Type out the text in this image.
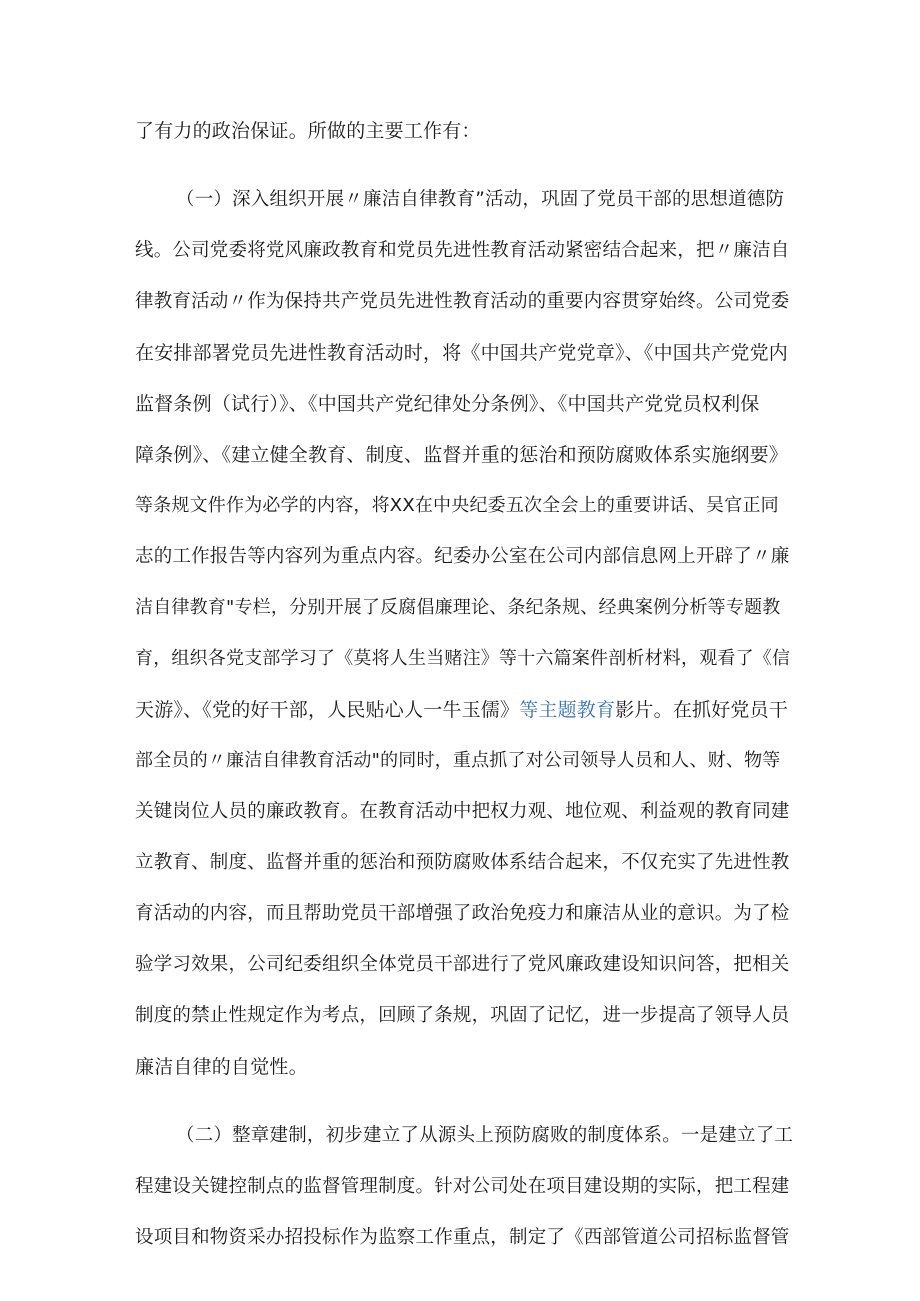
了有力的政治保证。所做的主要工作有：
（一）深入组织开展〃廉洁自律教育”活动，巩固了党员干部的思想道德防
线。公司党委将党风廉政教育和党员先进性教育活动紧密结合起来，把〃廉洁自
律教育活动〃作为保持共产党员先进性教育活动的重要内容贯穿始终。公司党委
在安排部署党员先进性教育活动时，将《中国共产党党章》、《中国共产党党内
监督条例（试行）》、《中国共产党纪律处分条例》、《中国共产党党员权利保
障条例》、《建立健全教育、制度、监督并重的惩治和预防腐败体系实施纲要》
等条规文件作为必学的内容，将XX在中央纪委五次全会上的重要讲话、吴官正同
志的工作报告等内容列为重点内容。纪委办公室在公司内部信息网上开辟了〃廉
洁自律教育"专栏，分别开展了反腐倡廉理论、条纪条规、经典案例分析等专题教
育，组织各党支部学习了《莫将人生当赌注》等十六篇案件剖析材料，观看了《信
天游》、《党的好干部，人民贴心人一牛玉儒》等主题教育影片。在抓好党员干
部全员的〃廉洁自律教育活动"的同时，重点抓了对公司领导人员和人、财、物等
关键岗位人员的廉政教育。在教育活动中把权力观、地位观、利益观的教育同建
立教育、制度、监督并重的惩治和预防腐败体系结合起来，不仅充实了先进性教
育活动的内容，而且帮助党员干部增强了政治免疫力和廉洁从业的意识。为了检
验学习效果，公司纪委组织全体党员干部进行了党风廉政建设知识问答，把相关
制度的禁止性规定作为考点，回顾了条规，巩固了记忆，进一步提高了领导人员
廉洁自律的自觉性。
（二）整章建制，初步建立了从源头上预防腐败的制度体系。一是建立了工
程建设关键控制点的监督管理制度。针对公司处在项目建设期的实际，把工程建
设项目和物资采办招投标作为监察工作重点，制定了《西部管道公司招标监督管
